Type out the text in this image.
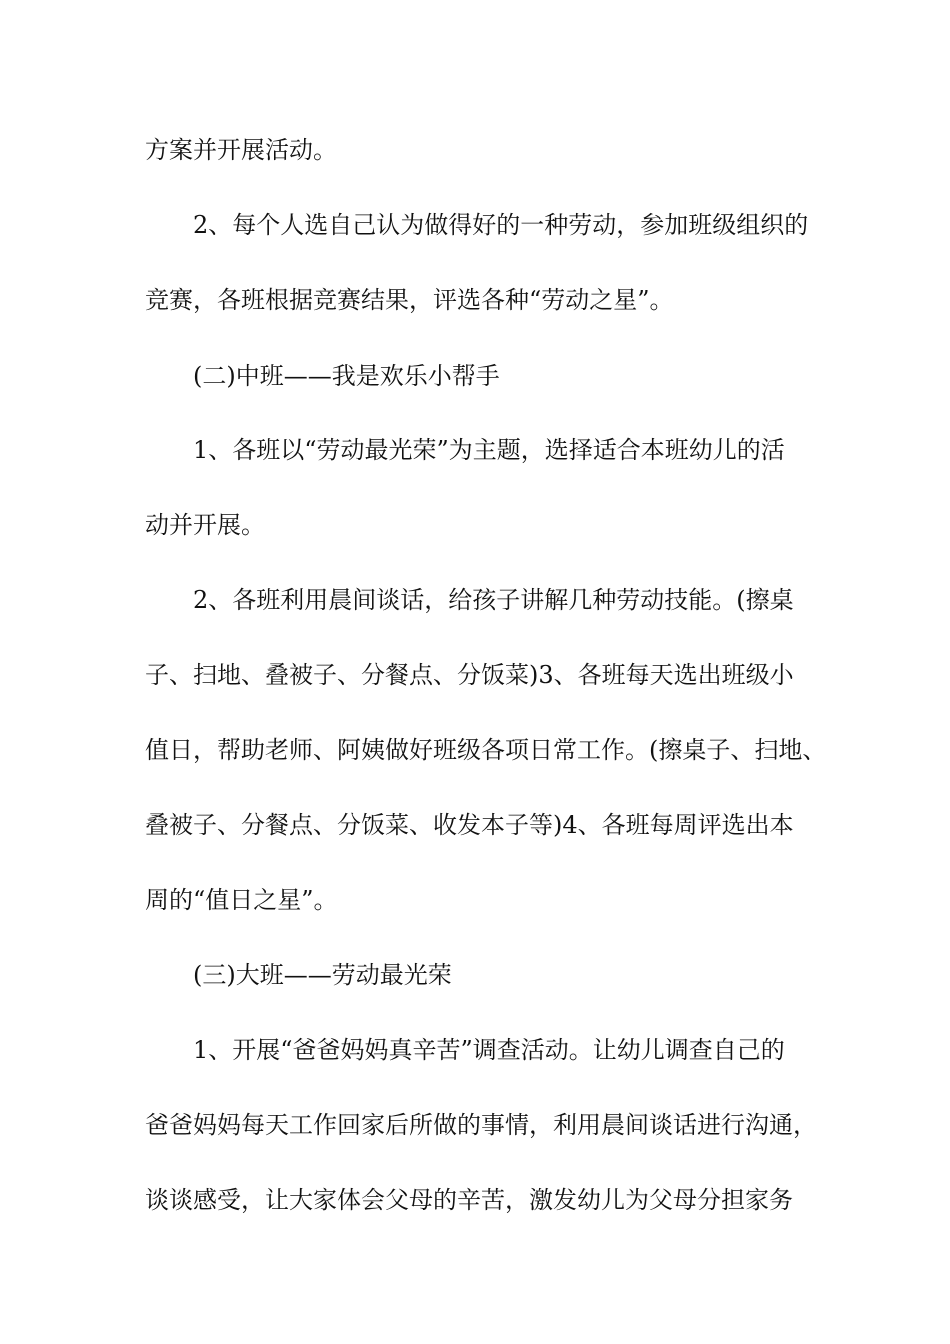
方案并开展活动。
2、每个人选自己认为做得好的一种劳动，参加班级组织的
竞赛，各班根据竞赛结果，评选各种“劳动之星”。
(二)中班——我是欢乐小帮手
1、各班以“劳动最光荣”为主题，选择适合本班幼儿的活
动并开展。
2、各班利用晨间谈话，给孩子讲解几种劳动技能。(擦桌
子、扫地、叠被子、分餐点、分饭菜)3、各班每天选出班级小
值日，帮助老师、阿姨做好班级各项日常工作。(擦桌子、扫地、
叠被子、分餐点、分饭菜、收发本子等)4、各班每周评选出本
周的“值日之星”。
(三)大班——劳动最光荣
1、开展“爸爸妈妈真辛苦”调查活动。让幼儿调查自己的
爸爸妈妈每天工作回家后所做的事情，利用晨间谈话进行沟通，
谈谈感受，让大家体会父母的辛苦，激发幼儿为父母分担家务
